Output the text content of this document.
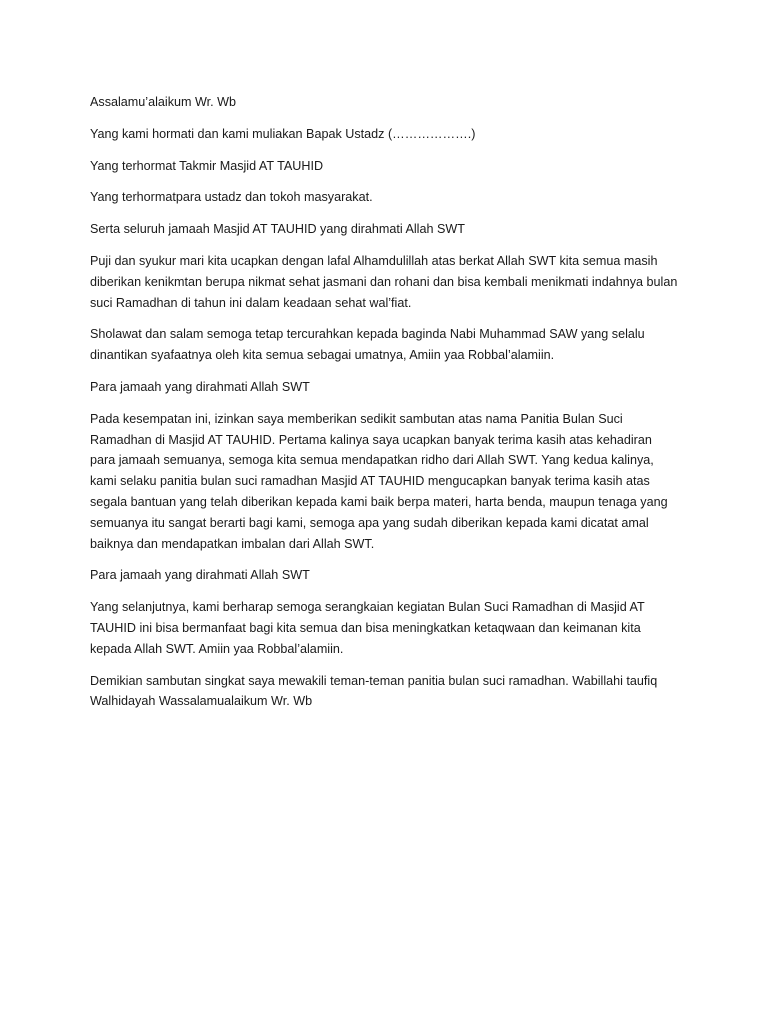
Assalamu’alaikum Wr. Wb

Yang kami hormati dan kami muliakan Bapak Ustadz (……………….)

Yang terhormat Takmir Masjid AT TAUHID

Yang terhormatpara ustadz dan tokoh masyarakat.

Serta seluruh jamaah Masjid AT TAUHID yang dirahmati Allah SWT

Puji dan syukur mari kita ucapkan dengan lafal Alhamdulillah atas berkat Allah SWT kita semua masih diberikan kenikmtan berupa nikmat sehat jasmani dan rohani dan bisa kembali menikmati indahnya bulan suci Ramadhan di tahun ini dalam keadaan sehat wal’fiat.

Sholawat dan salam semoga tetap tercurahkan kepada baginda Nabi Muhammad SAW yang selalu dinantikan syafaatnya oleh kita semua sebagai umatnya, Amiin yaa Robbal’alamiin.

Para jamaah yang dirahmati Allah SWT

Pada kesempatan ini, izinkan saya memberikan sedikit sambutan atas nama Panitia Bulan Suci Ramadhan di Masjid AT TAUHID. Pertama kalinya saya ucapkan banyak terima kasih atas kehadiran para jamaah semuanya, semoga kita semua mendapatkan ridho dari Allah SWT. Yang kedua kalinya, kami selaku panitia bulan suci ramadhan Masjid AT TAUHID mengucapkan banyak terima kasih atas segala bantuan yang telah diberikan kepada kami baik berpa materi, harta benda, maupun tenaga yang semuanya itu sangat berarti bagi kami, semoga apa yang sudah diberikan kepada kami dicatat amal baiknya dan mendapatkan imbalan dari Allah SWT.

Para jamaah yang dirahmati Allah SWT

Yang selanjutnya, kami berharap semoga serangkaian kegiatan Bulan Suci Ramadhan di Masjid AT TAUHID ini bisa bermanfaat bagi kita semua dan bisa meningkatkan ketaqwaan dan keimanan kita kepada Allah SWT. Amiin yaa Robbal’alamiin.

Demikian sambutan singkat saya mewakili teman-teman panitia bulan suci ramadhan. Wabillahi taufiq Walhidayah Wassalamualaikum Wr. Wb
